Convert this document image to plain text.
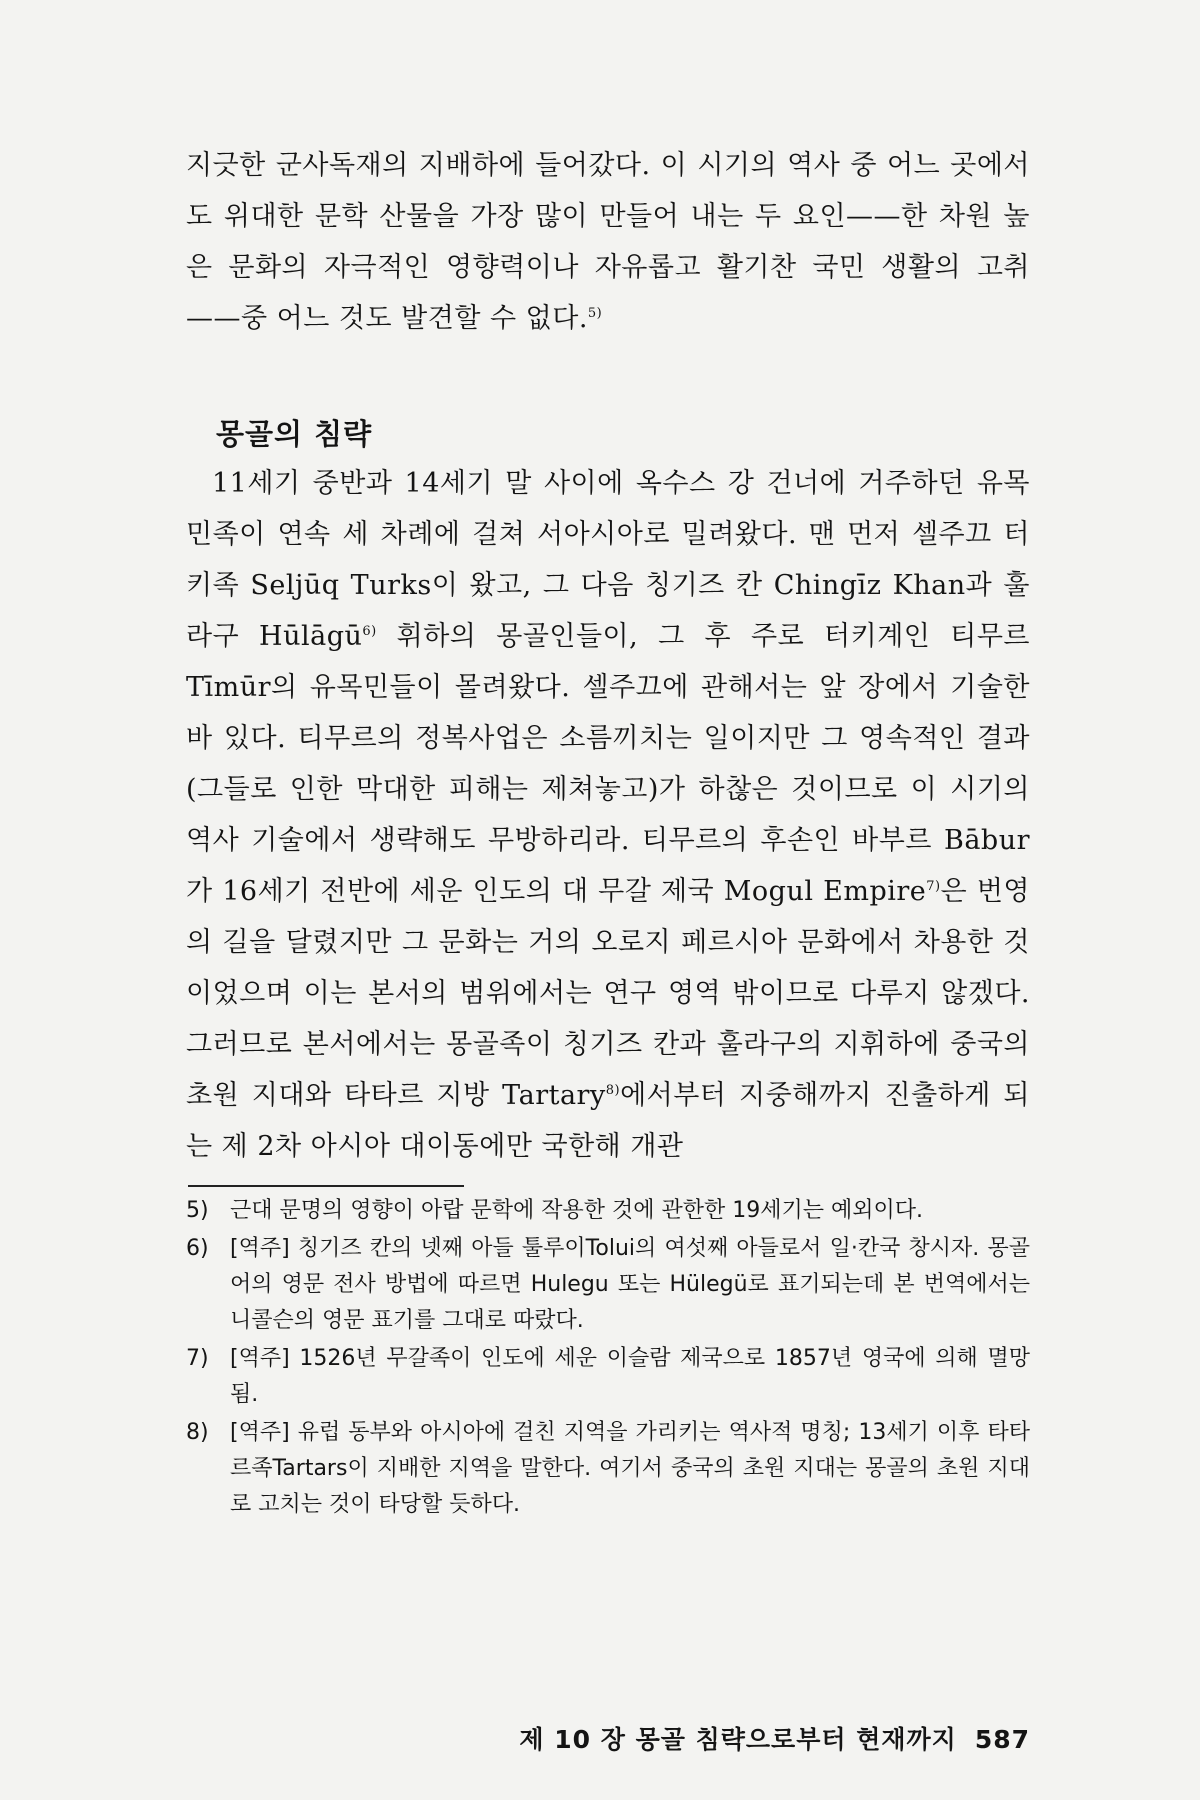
지긋한 군사독재의 지배하에 들어갔다. 이 시기의 역사 중 어느 곳에서도 위대한 문학 산물을 가장 많이 만들어 내는 두 요인——한 차원 높은 문화의 자극적인 영향력이나 자유롭고 활기찬 국민 생활의 고취——중 어느 것도 발견할 수 없다.$^{5)}$

몽골의 침략

11세기 중반과 14세기 말 사이에 옥수스 강 건너에 거주하던 유목 민족이 연속 세 차례에 걸쳐 서아시아로 밀려왔다. 맨 먼저 셀주끄 터키족 Seljūq Turks이 왔고, 그 다음 칭기즈 칸 Chingīz Khan과 훌라구 Hūlāgū$^{6)}$ 휘하의 몽골인들이, 그 후 주로 터키계인 티무르 Tīmūr의 유목민들이 몰려왔다. 셀주끄에 관해서는 앞 장에서 기술한 바 있다. 티무르의 정복사업은 소름끼치는 일이지만 그 영속적인 결과(그들로 인한 막대한 피해는 제쳐놓고)가 하찮은 것이므로 이 시기의 역사 기술에서 생략해도 무방하리라. 티무르의 후손인 바부르 Bābur가 16세기 전반에 세운 인도의 대 무갈 제국 Mogul Empire$^{7)}$은 번영의 길을 달렸지만 그 문화는 거의 오로지 페르시아 문화에서 차용한 것이었으며 이는 본서의 범위에서는 연구 영역 밖이므로 다루지 않겠다. 그러므로 본서에서는 몽골족이 칭기즈 칸과 훌라구의 지휘하에 중국의 초원 지대와 타타르 지방 Tartary$^{8)}$에서부터 지중해까지 진출하게 되는 제 2차 아시아 대이동에만 국한해 개관

5) 근대 문명의 영향이 아랍 문학에 작용한 것에 관한한 19세기는 예외이다.
6) [역주] 칭기즈 칸의 넷째 아들 툴루이Tolui의 여섯째 아들로서 일·칸국 창시자. 몽골어의 영문 전사 방법에 따르면 Hulegu 또는 Hülegü로 표기되는데 본 번역에서는 니콜슨의 영문 표기를 그대로 따랐다.
7) [역주] 1526년 무갈족이 인도에 세운 이슬람 제국으로 1857년 영국에 의해 멸망됨.
8) [역주] 유럽 동부와 아시아에 걸친 지역을 가리키는 역사적 명칭; 13세기 이후 타타르족Tartars이 지배한 지역을 말한다. 여기서 중국의 초원 지대는 몽골의 초원 지대로 고치는 것이 타당할 듯하다.
제 10 장 몽골 침략으로부터 현재까지 587
